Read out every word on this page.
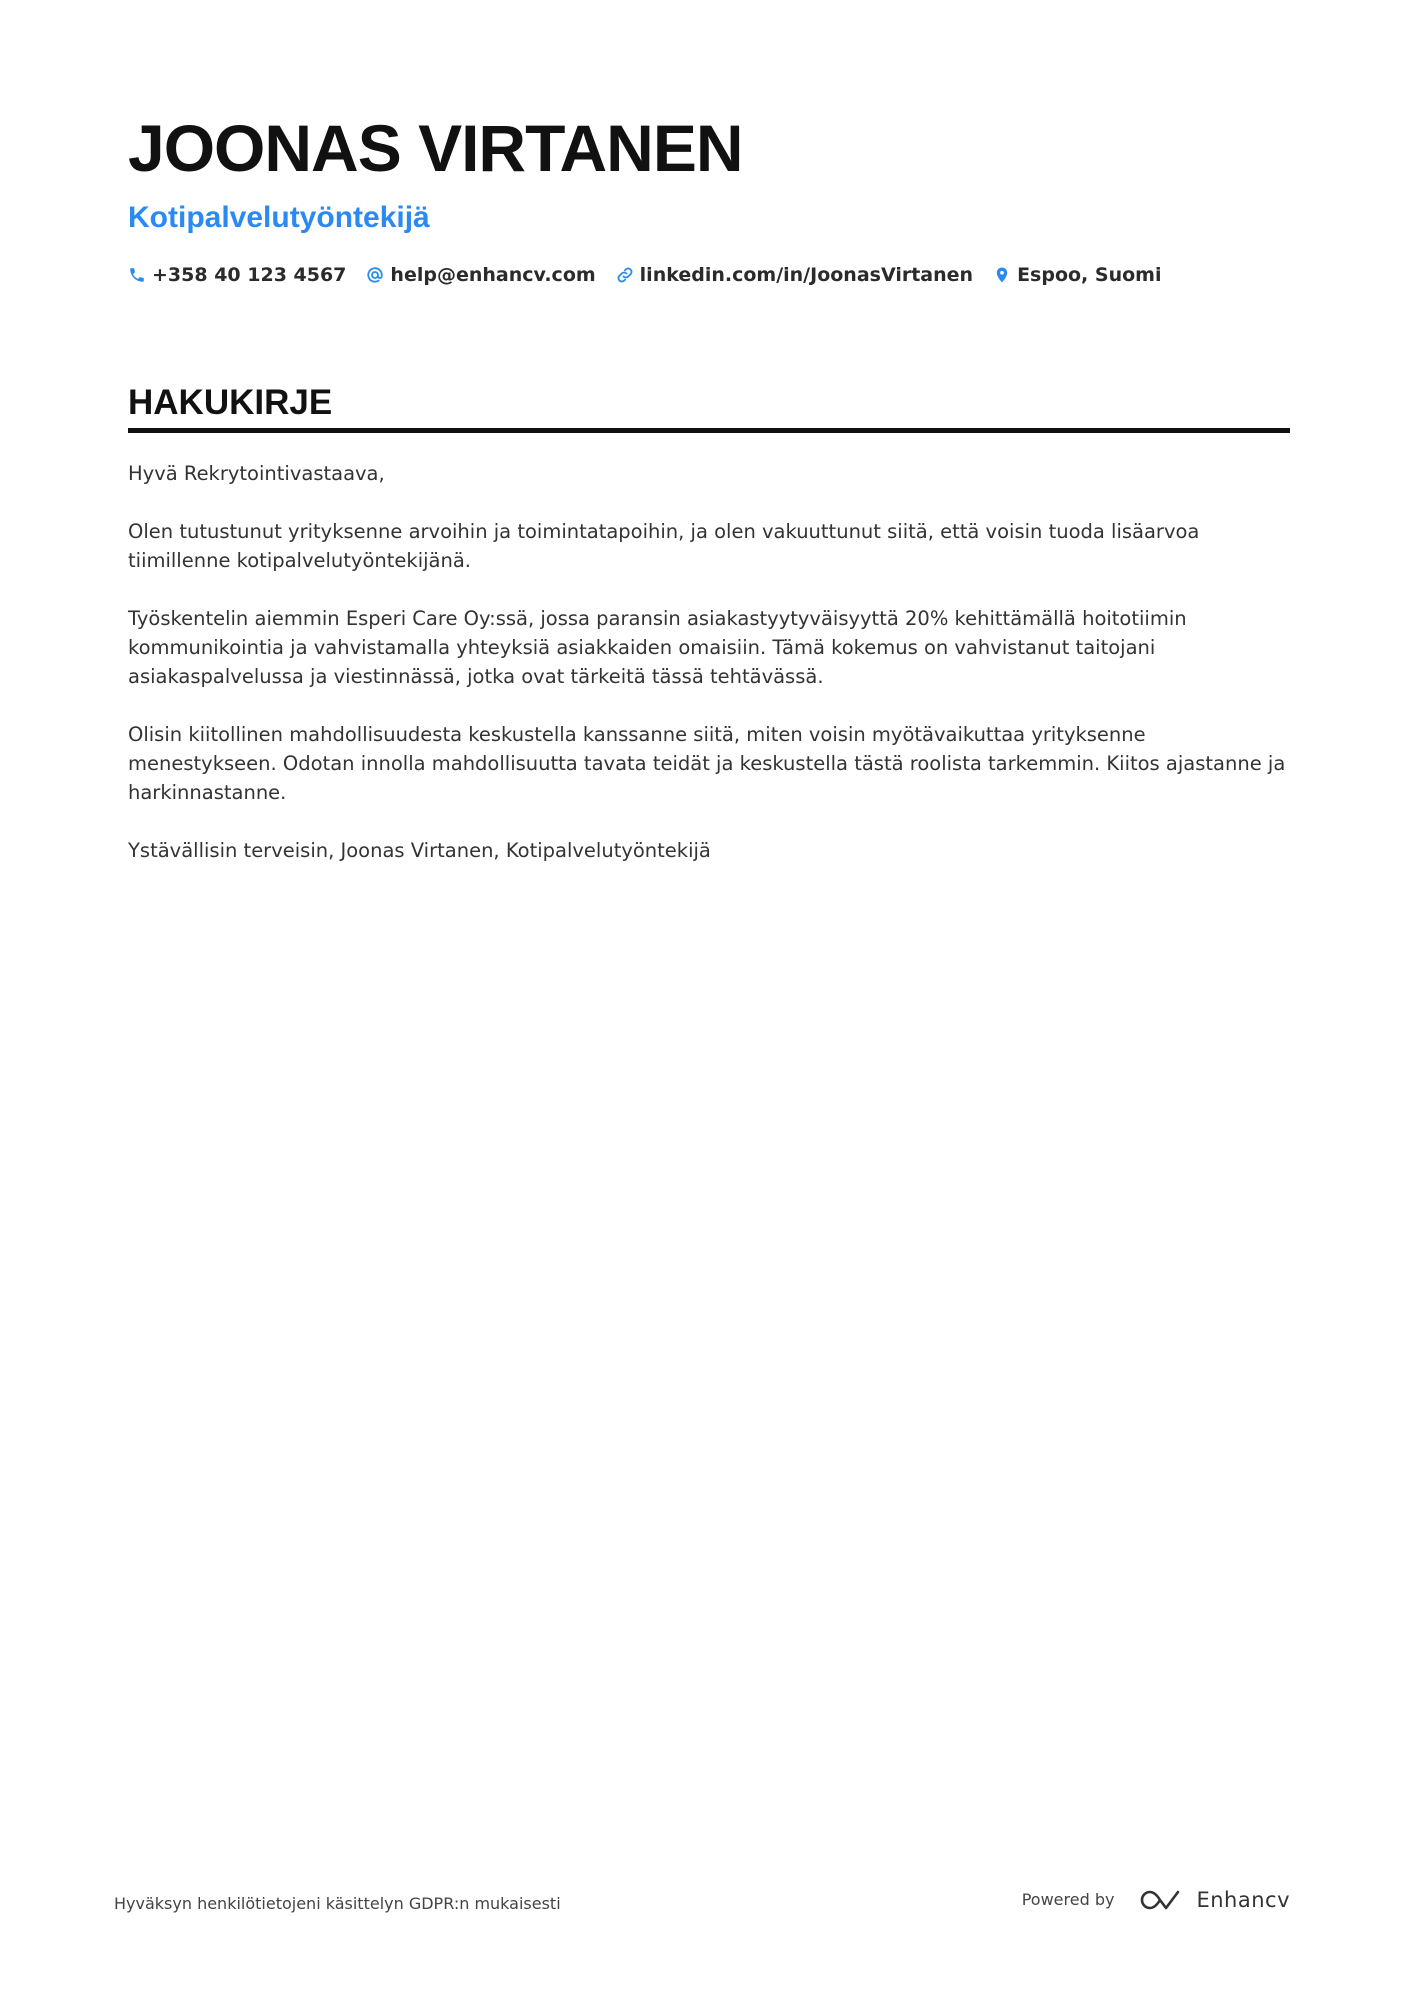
JOONAS VIRTANEN
Kotipalvelutyöntekijä
+358 40 123 4567 help@enhancv.com linkedin.com/in/JoonasVirtanen Espoo, Suomi
HAKUKIRJE

Hyvä Rekrytointivastaava,

Olen tutustunut yrityksenne arvoihin ja toimintatapoihin, ja olen vakuuttunut siitä, että voisin tuoda lisäarvoa tiimillenne kotipalvelutyöntekijänä.

Työskentelin aiemmin Esperi Care Oy:ssä, jossa paransin asiakastyytyväisyyttä 20% kehittämällä hoitotiimin kommunikointia ja vahvistamalla yhteyksiä asiakkaiden omaisiin. Tämä kokemus on vahvistanut taitojani asiakaspalvelussa ja viestinnässä, jotka ovat tärkeitä tässä tehtävässä.

Olisin kiitollinen mahdollisuudesta keskustella kanssanne siitä, miten voisin myötävaikuttaa yrityksenne menestykseen. Odotan innolla mahdollisuutta tavata teidät ja keskustella tästä roolista tarkemmin. Kiitos ajastanne ja harkinnastanne.

Ystävällisin terveisin, Joonas Virtanen, Kotipalvelutyöntekijä

Hyväksyn henkilötietojeni käsittelyn GDPR:n mukaisesti	Powered by	Enhancv
